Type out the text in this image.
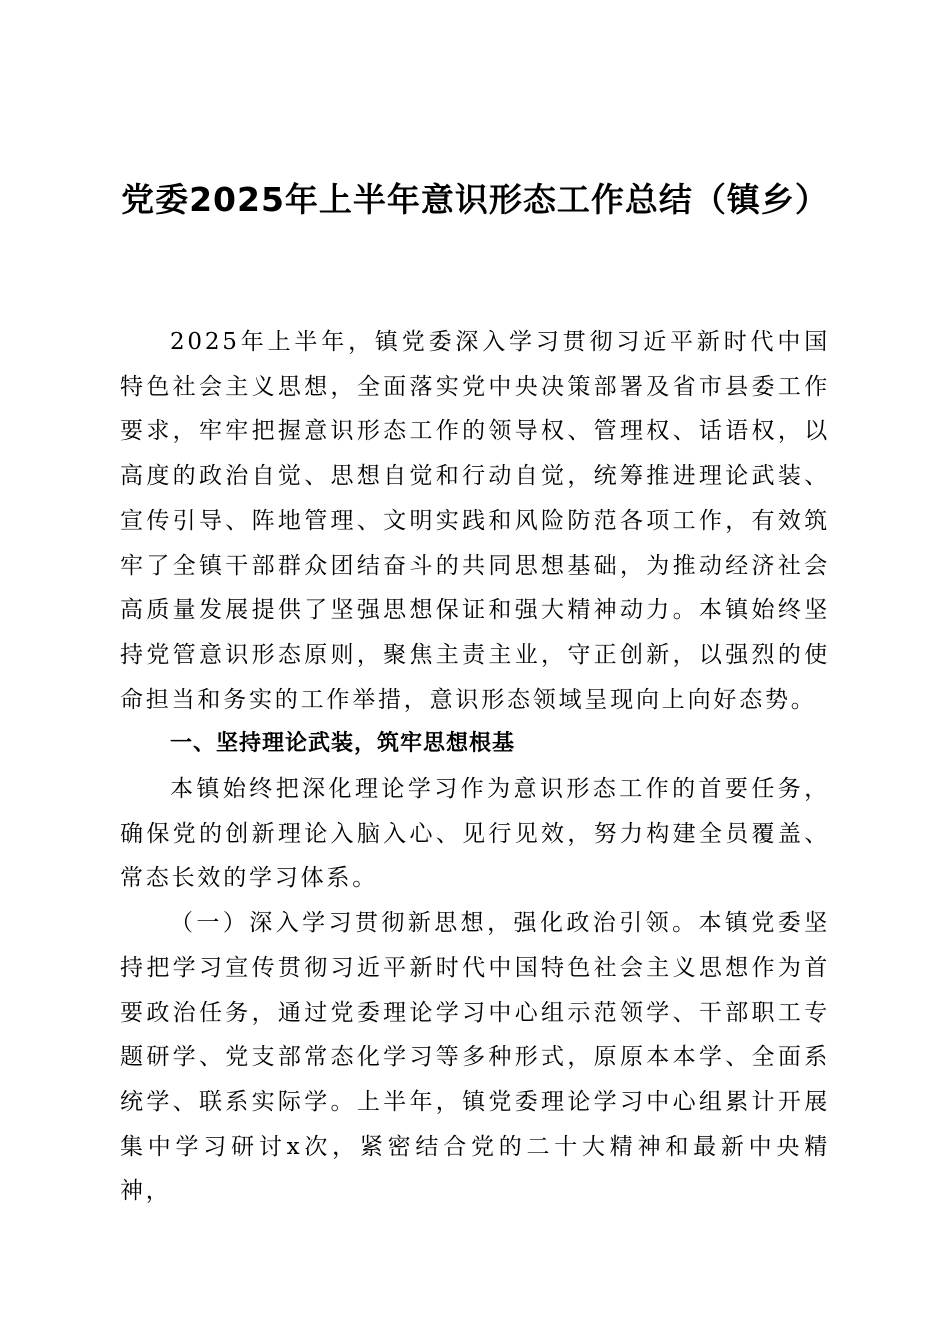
党委2025年上半年意识形态工作总结（镇乡）

2025年上半年，镇党委深入学习贯彻习近平新时代中国特色社会主义思想，全面落实党中央决策部署及省市县委工作要求，牢牢把握意识形态工作的领导权、管理权、话语权，以高度的政治自觉、思想自觉和行动自觉，统筹推进理论武装、宣传引导、阵地管理、文明实践和风险防范各项工作，有效筑牢了全镇干部群众团结奋斗的共同思想基础，为推动经济社会高质量发展提供了坚强思想保证和强大精神动力。本镇始终坚持党管意识形态原则，聚焦主责主业，守正创新，以强烈的使命担当和务实的工作举措，意识形态领域呈现向上向好态势。

一、坚持理论武装，筑牢思想根基

本镇始终把深化理论学习作为意识形态工作的首要任务，确保党的创新理论入脑入心、见行见效，努力构建全员覆盖、常态长效的学习体系。

（一）深入学习贯彻新思想，强化政治引领。本镇党委坚持把学习宣传贯彻习近平新时代中国特色社会主义思想作为首要政治任务，通过党委理论学习中心组示范领学、干部职工专题研学、党支部常态化学习等多种形式，原原本本学、全面系统学、联系实际学。上半年，镇党委理论学习中心组累计开展集中学习研讨x次，紧密结合党的二十大精神和最新中央精神，
